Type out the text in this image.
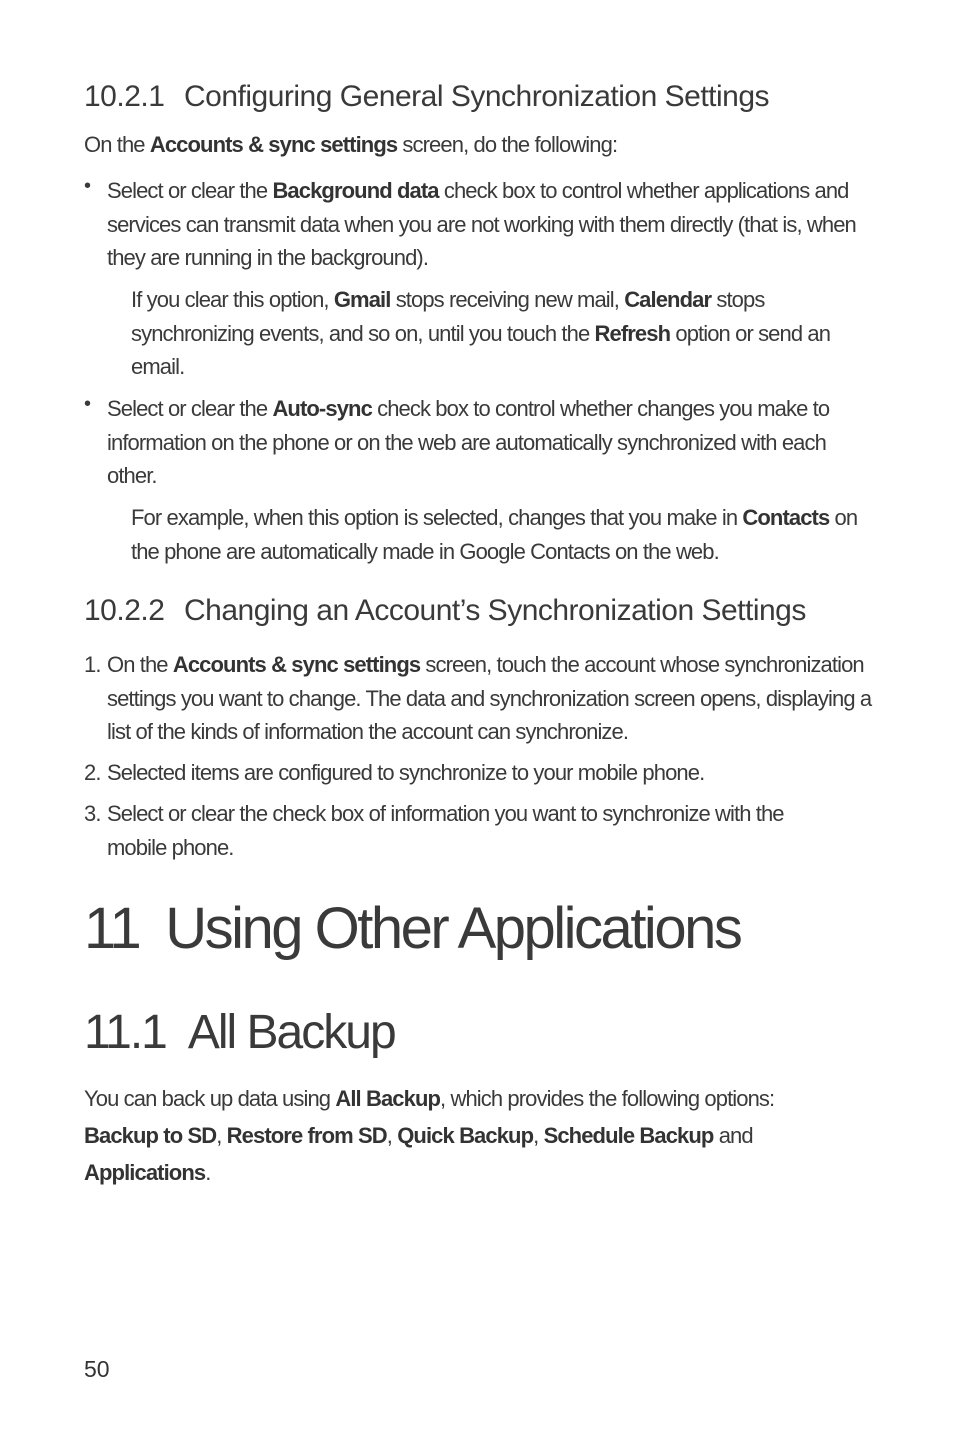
10.2.1 Configuring General Synchronization Settings
On the Accounts & sync settings screen, do the following:
• Select or clear the Background data check box to control whether applications and services can transmit data when you are not working with them directly (that is, when they are running in the background).
If you clear this option, Gmail stops receiving new mail, Calendar stops synchronizing events, and so on, until you touch the Refresh option or send an email.
• Select or clear the Auto-sync check box to control whether changes you make to information on the phone or on the web are automatically synchronized with each other.
For example, when this option is selected, changes that you make in Contacts on the phone are automatically made in Google Contacts on the web.
10.2.2 Changing an Account’s Synchronization Settings
1. On the Accounts & sync settings screen, touch the account whose synchronization settings you want to change. The data and synchronization screen opens, displaying a list of the kinds of information the account can synchronize.
2. Selected items are configured to synchronize to your mobile phone.
3. Select or clear the check box of information you want to synchronize with the mobile phone.
11 Using Other Applications
11.1 All Backup
You can back up data using All Backup, which provides the following options: Backup to SD, Restore from SD, Quick Backup, Schedule Backup and Applications.
50
